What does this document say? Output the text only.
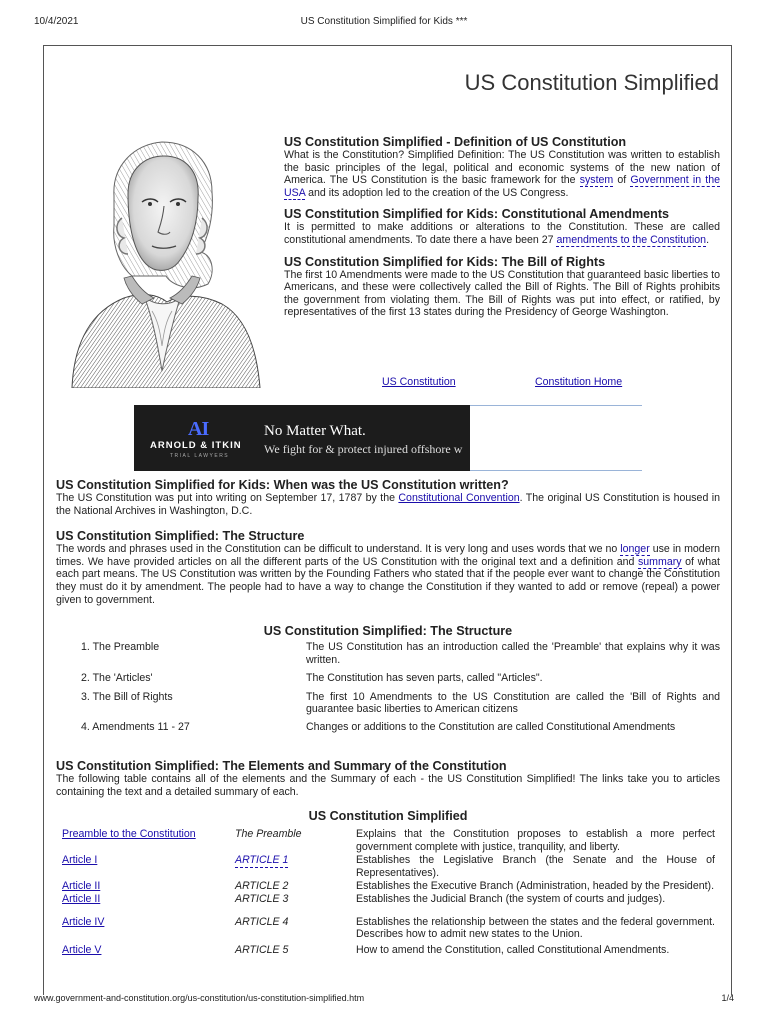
10/4/2021	US Constitution Simplified for Kids ***
US Constitution Simplified
US Constitution Simplified - Definition of US Constitution

What is the Constitution? Simplified Definition: The US Constitution was written to establish the basic principles of the legal, political and economic systems of the new nation of America. The US Constitution is the basic framework for the system of Government in the USA and its adoption led to the creation of the US Congress.

US Constitution Simplified for Kids: Constitutional Amendments

It is permitted to make additions or alterations to the Constitution. These are called constitutional amendments. To date there a have been 27 amendments to the Constitution.

US Constitution Simplified for Kids: The Bill of Rights

The first 10 Amendments were made to the US Constitution that guaranteed basic liberties to Americans, and these were collectively called the Bill of Rights. The Bill of Rights prohibits the government from violating them. The Bill of Rights was put into effect, or ratified, by representatives of the first 13 states during the Presidency of George Washington.

US Constitution	Constitution Home
AI
ARNOLD & ITKIN
TRIAL LAWYERS
No Matter What.
We fight for & protect injured offshore w
US Constitution Simplified for Kids: When was the US Constitution written?

The US Constitution was put into writing on September 17, 1787 by the Constitutional Convention. The original US Constitution is housed in the National Archives in Washington, D.C.

US Constitution Simplified: The Structure

The words and phrases used in the Constitution can be difficult to understand. It is very long and uses words that we no longer use in modern times. We have provided articles on all the different parts of the US Constitution with the original text and a definition and summary of what each part means. The US Constitution was written by the Founding Fathers who stated that if the people ever want to change the Constitution they must do it by amendment. The people had to have a way to change the Constitution if they wanted to add or remove (repeal) a power given to government.

US Constitution Simplified: The Structure
1. The Preamble	The US Constitution has an introduction called the 'Preamble' that explains why it was written.
2. The 'Articles'	The Constitution has seven parts, called "Articles".
3. The Bill of Rights	The first 10 Amendments to the US Constitution are called the 'Bill of Rights and guarantee basic liberties to American citizens
4. Amendments 11 - 27	Changes or additions to the Constitution are called Constitutional Amendments
US Constitution Simplified: The Elements and Summary of the Constitution

The following table contains all of the elements and the Summary of each - the US Constitution Simplified! The links take you to articles containing the text and a detailed summary of each.

US Constitution Simplified
Preamble to the Constitution	The Preamble	Explains that the Constitution proposes to establish a more perfect government complete with justice, tranquility, and liberty.
Article I	ARTICLE 1	Establishes the Legislative Branch (the Senate and the House of Representatives).
Article II	ARTICLE 2	Establishes the Executive Branch (Administration, headed by the President).
Article II	ARTICLE 3	Establishes the Judicial Branch (the system of courts and judges).
Article IV	ARTICLE 4	Establishes the relationship between the states and the federal government. Describes how to admit new states to the Union.
Article V	ARTICLE 5	How to amend the Constitution, called Constitutional Amendments.
www.government-and-constitution.org/us-constitution/us-constitution-simplified.htm	1/4
